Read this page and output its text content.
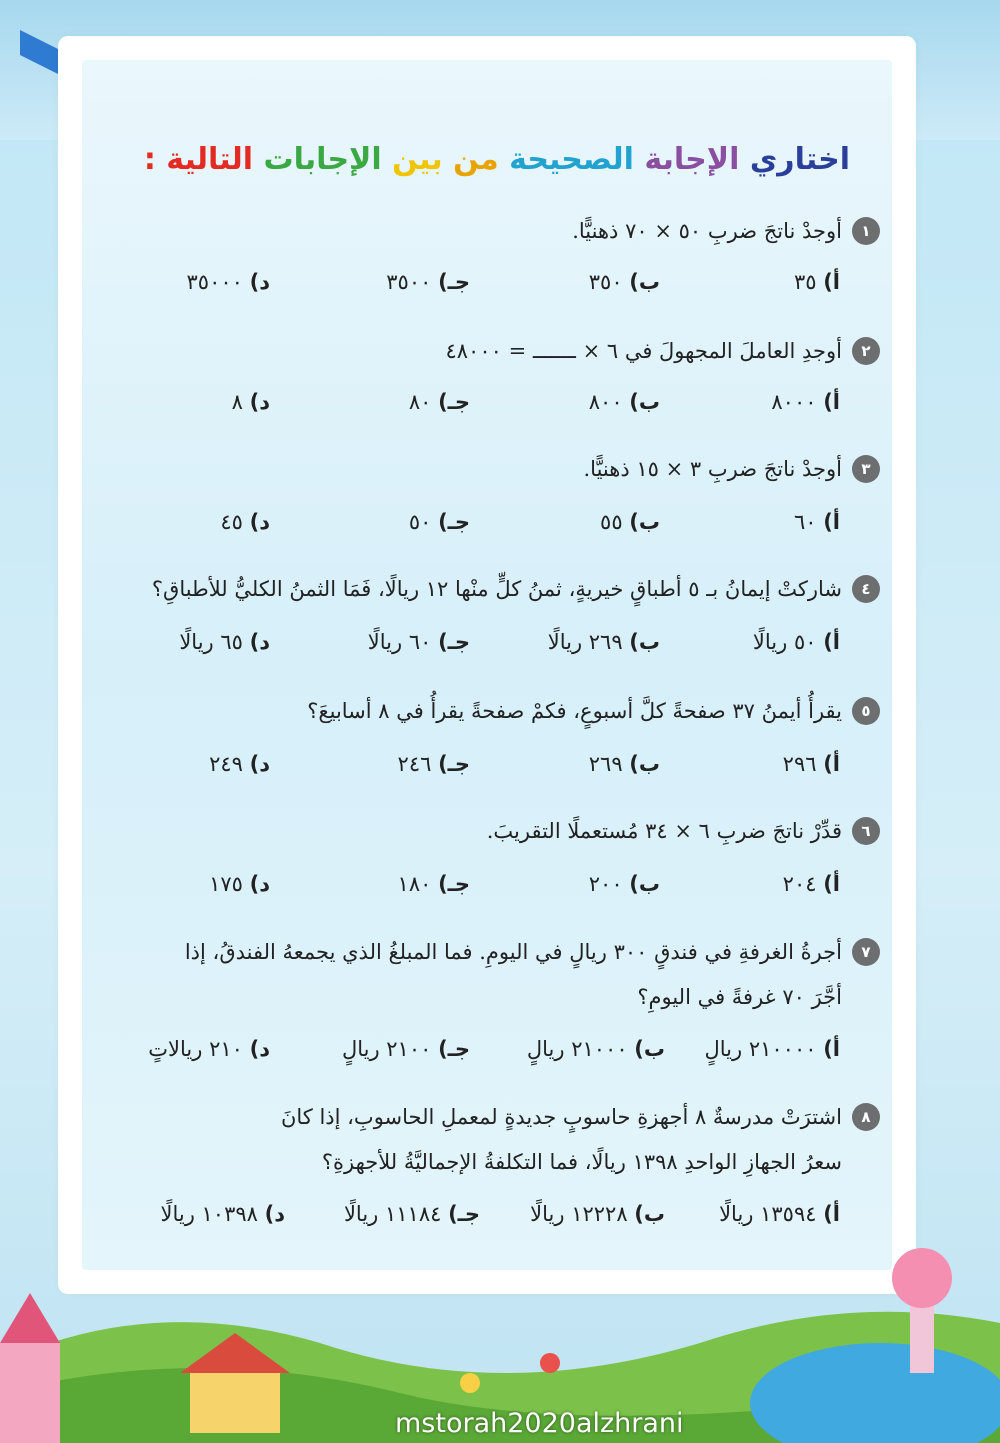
اختاري الإجابة الصحيحة من بين الإجابات التالية :
١
أوجدْ ناتجَ ضربِ ٥٠ × ٧٠ ذهنيًّا.
أ) ٣٥
ب) ٣٥٠
جـ) ٣٥٠٠
د) ٣٥٠٠٠
٢
أوجدِ العاملَ المجهولَ في ٦ × ـــــــ = ٤٨٠٠٠
أ) ٨٠٠٠
ب) ٨٠٠
جـ) ٨٠
د) ٨
٣
أوجدْ ناتجَ ضربِ ٣ × ١٥ ذهنيًّا.
أ) ٦٠
ب) ٥٥
جـ) ٥٠
د) ٤٥
٤
شاركتْ إيمانُ بـ ٥ أطباقٍ خيريةٍ، ثمنُ كلٍّ منْها ١٢ ريالًا، فَمَا الثمنُ الكليُّ للأطباقِ؟
أ) ٥٠ ريالًا
ب) ٢٦٩ ريالًا
جـ) ٦٠ ريالًا
د) ٦٥ ريالًا
٥
يقرأُ أيمنُ ٣٧ صفحةً كلَّ أسبوعٍ، فكمْ صفحةً يقرأُ في ٨ أسابيعَ؟
أ) ٢٩٦
ب) ٢٦٩
جـ) ٢٤٦
د) ٢٤٩
٦
قدِّرْ ناتجَ ضربِ ٦ × ٣٤ مُستعملًا التقريبَ.
أ) ٢٠٤
ب) ٢٠٠
جـ) ١٨٠
د) ١٧٥
٧
أجرةُ الغرفةِ في فندقٍ ٣٠٠ ريالٍ في اليومِ. فما المبلغُ الذي يجمعهُ الفندقُ، إذا
أجَّرَ ٧٠ غرفةً في اليومِ؟
أ) ٢١٠٠٠٠ ريالٍ
ب) ٢١٠٠٠ ريالٍ
جـ) ٢١٠٠ ريالٍ
د) ٢١٠ ريالاتٍ
٨
اشترَتْ مدرسةٌ ٨ أجهزةِ حاسوبٍ جديدةٍ لمعملِ الحاسوبِ، إذا كانَ
سعرُ الجهازِ الواحدِ ١٣٩٨ ريالًا، فما التكلفةُ الإجماليَّةُ للأجهزةِ؟
أ) ١٣٥٩٤ ريالًا
ب) ١٢٢٢٨ ريالًا
جـ) ١١١٨٤ ريالًا
د) ١٠٣٩٨ ريالًا
mstorah2020alzhrani
